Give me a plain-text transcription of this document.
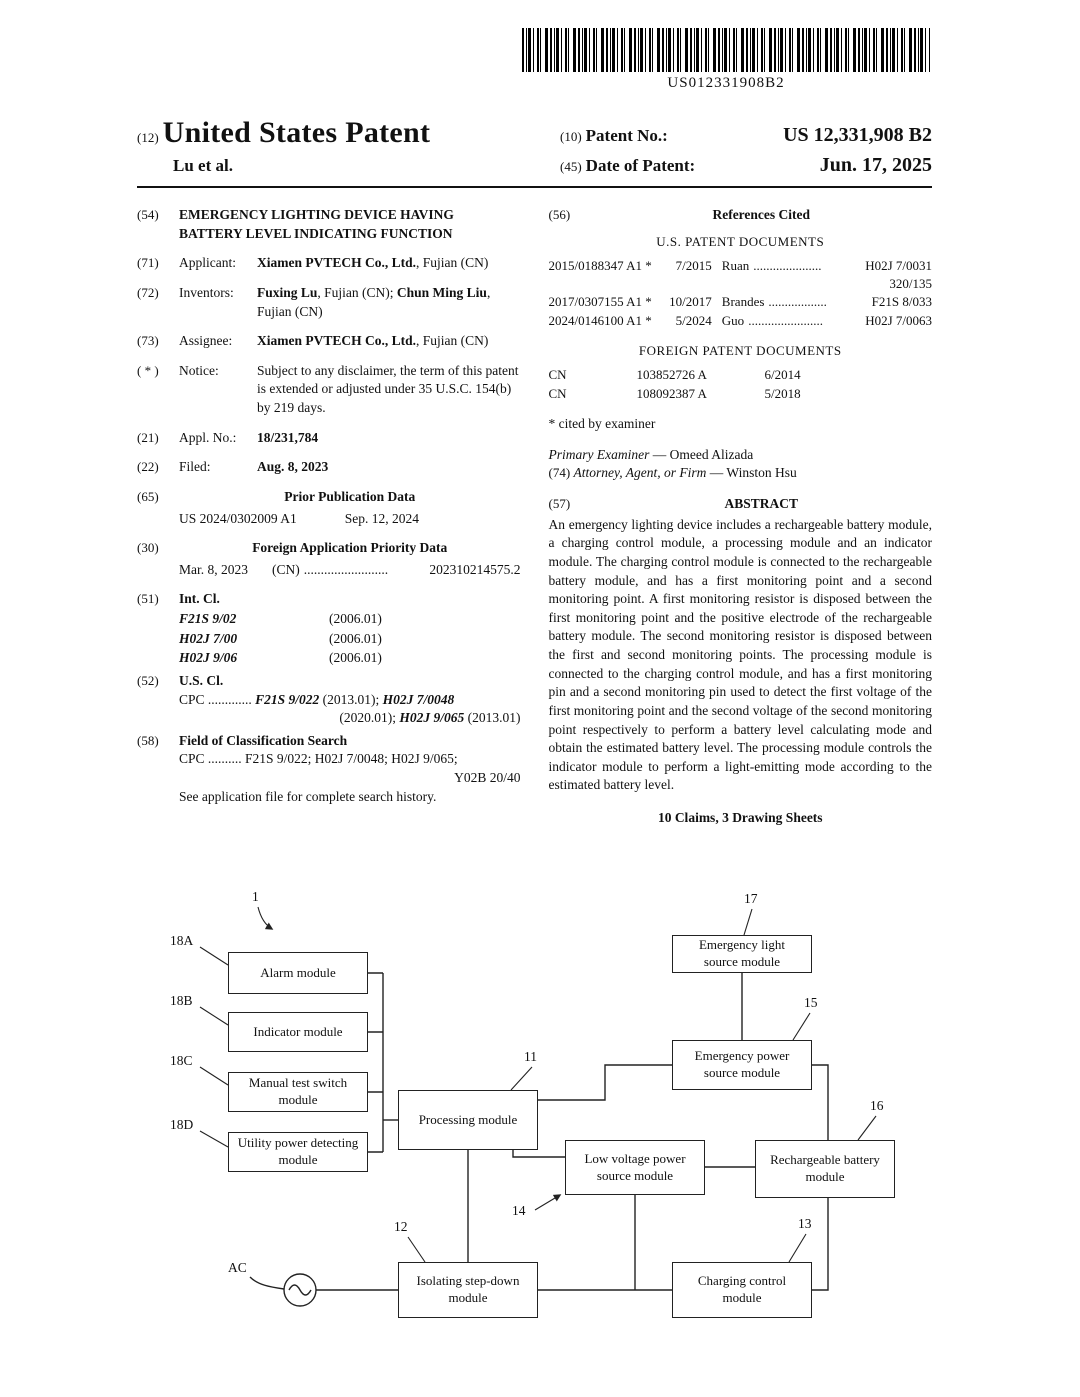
US012331908B2
(12) United States Patent
Lu et al.
(10) Patent No.:	US 12,331,908 B2
(45) Date of Patent:	Jun. 17, 2025
(54)	EMERGENCY LIGHTING DEVICE HAVING BATTERY LEVEL INDICATING FUNCTION
(71)	Applicant:	Xiamen PVTECH Co., Ltd., Fujian (CN)
(72)	Inventors:	Fuxing Lu, Fujian (CN); Chun Ming Liu, Fujian (CN)
(73)	Assignee:	Xiamen PVTECH Co., Ltd., Fujian (CN)
( * )	Notice:	Subject to any disclaimer, the term of this patent is extended or adjusted under 35 U.S.C. 154(b) by 219 days.
(21)	Appl. No.:	18/231,784
(22)	Filed:	Aug. 8, 2023
(65)	Prior Publication Data
US 2024/0302009 A1	Sep. 12, 2024
(30)	Foreign Application Priority Data
Mar. 8, 2023 (CN) .........................	202310214575.2
(51)	Int. Cl.
F21S 9/02	(2006.01)
H02J 7/00	(2006.01)
H02J 9/06	(2006.01)
(52)	U.S. Cl.
CPC ............. F21S 9/022 (2013.01); H02J 7/0048
(2020.01); H02J 9/065 (2013.01)
(58)	Field of Classification Search
CPC .......... F21S 9/022; H02J 7/0048; H02J 9/065;
Y02B 20/40
See application file for complete search history.
(56)	References Cited
U.S. PATENT DOCUMENTS
2015/0188347 A1 *	7/2015 Ruan .....................	H02J 7/0031
320/135
2017/0307155 A1 *	10/2017 Brandes ..................	F21S 8/033
2024/0146100 A1 *	5/2024 Guo .......................	H02J 7/0063
FOREIGN PATENT DOCUMENTS
CN	103852726 A	6/2014
CN	108092387 A	5/2018
* cited by examiner
Primary Examiner — Omeed Alizada
(74) Attorney, Agent, or Firm — Winston Hsu
(57)	ABSTRACT

An emergency lighting device includes a rechargeable battery module, a charging control module, a processing module and an indicator module. The charging control module is connected to the rechargeable battery module, and has a first monitoring point and a second monitoring point. A first monitoring resistor is disposed between the first monitoring point and the positive electrode of the rechargeable battery module. The second monitoring resistor is disposed between the first and second monitoring points. The processing module is connected to the charging control module, and has a first monitoring pin and a second monitoring pin used to detect the first voltage of the first monitoring point and the second voltage of the second monitoring point respectively to perform a battery level calculating mode and obtain the estimated battery level. The processing module controls the indicator module to perform a light-emitting mode according to the estimated battery level.

10 Claims, 3 Drawing Sheets
Alarm module
Indicator module
Manual test switch module
Utility power detecting module
Processing module
Emergency light source module
Emergency power source module
Rechargeable battery module
Low voltage power source module
Isolating step-down module
Charging control module
1	17
15
11
16
14
12	13
18A
18B
18C
18D
AC
